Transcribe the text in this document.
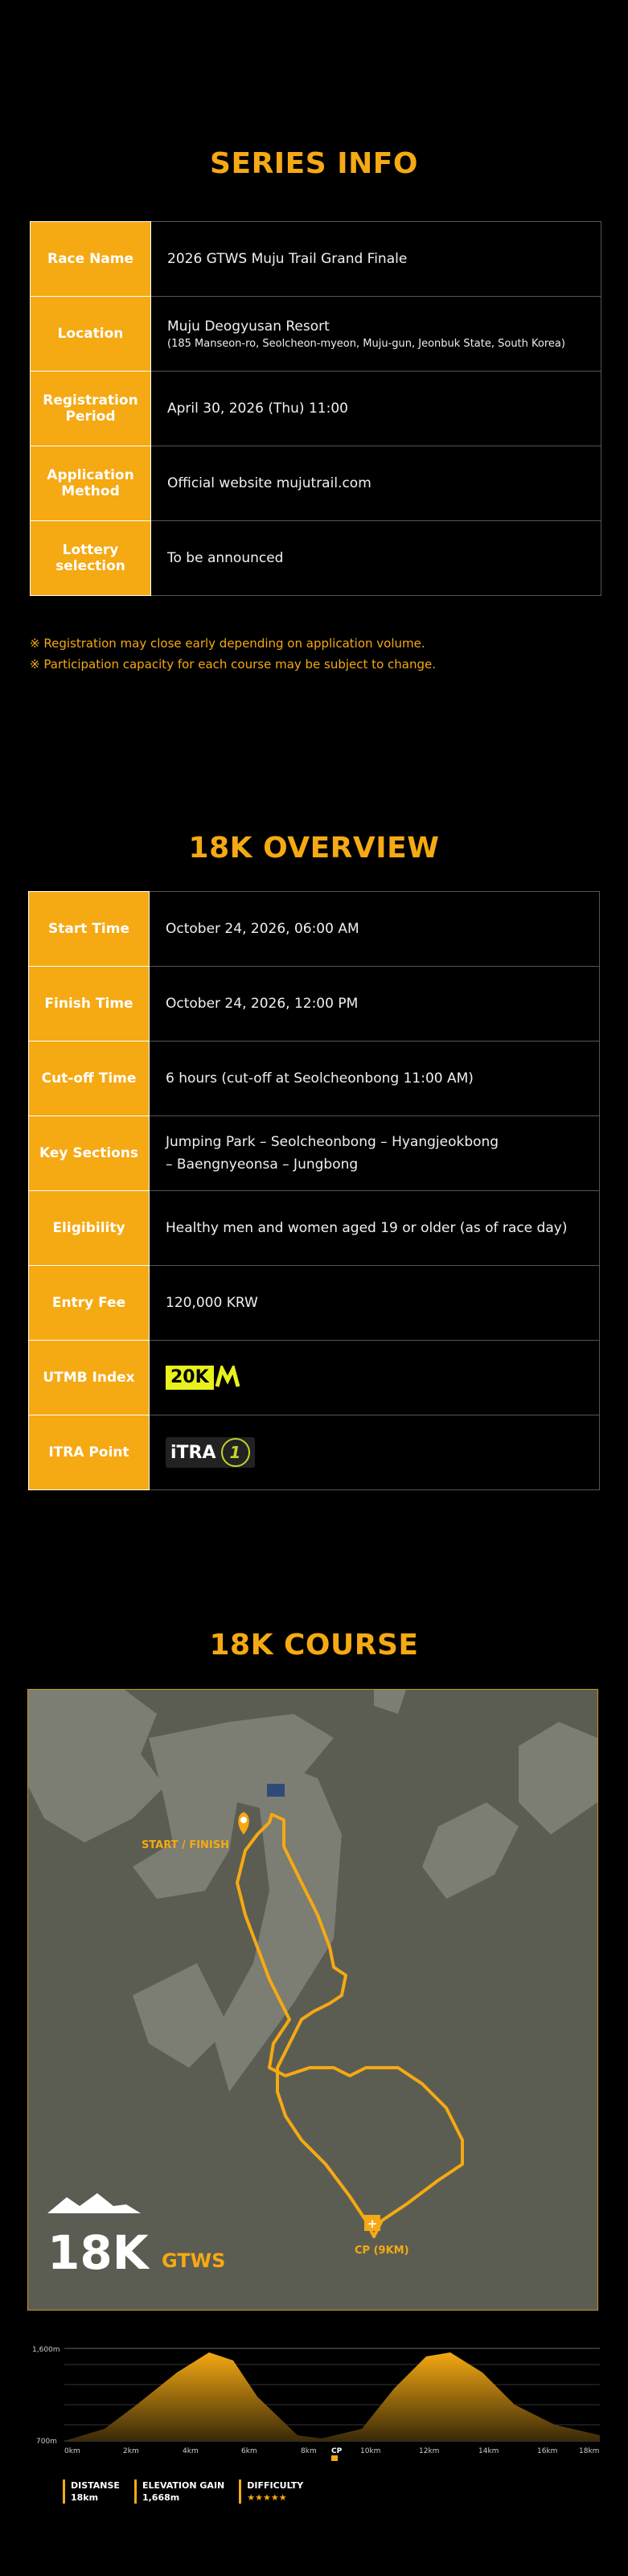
SERIES INFO
Race Name	2026 GTWS Muju Trail Grand Finale
Location	Muju Deogyusan Resort
(185 Manseon-ro, Seolcheon-myeon, Muju-gun, Jeonbuk State, South Korea)

Registration Period	April 30, 2026 (Thu) 11:00
Application Method	Official website mujutrail.com
Lottery selection	To be announced
※ Registration may close early depending on application volume.
※ Participation capacity for each course may be subject to change.
18K OVERVIEW
Start Time	October 24, 2026, 06:00 AM
Finish Time	October 24, 2026, 12:00 PM
Cut-off Time	6 hours (cut-off at Seolcheonbong 11:00 AM)
Key Sections	Jumping Park – Seolcheonbong – Hyangjeokbong
– Baengnyeonsa – Jungbong

Eligibility	Healthy men and women aged 19 or older (as of race day)
Entry Fee	120,000 KRW
UTMB Index	20K

ITRA Point	iTRA 1
18K COURSE
START / FINISH
+
CP (9KM)
18K GTWS
1,600m
700m
0km	2km	4km	6km	8km CP	10km	12km	14km	16km	18km
DISTANSE
18km
ELEVATION GAIN
1,668m
DIFFICULTY
★★★★★
